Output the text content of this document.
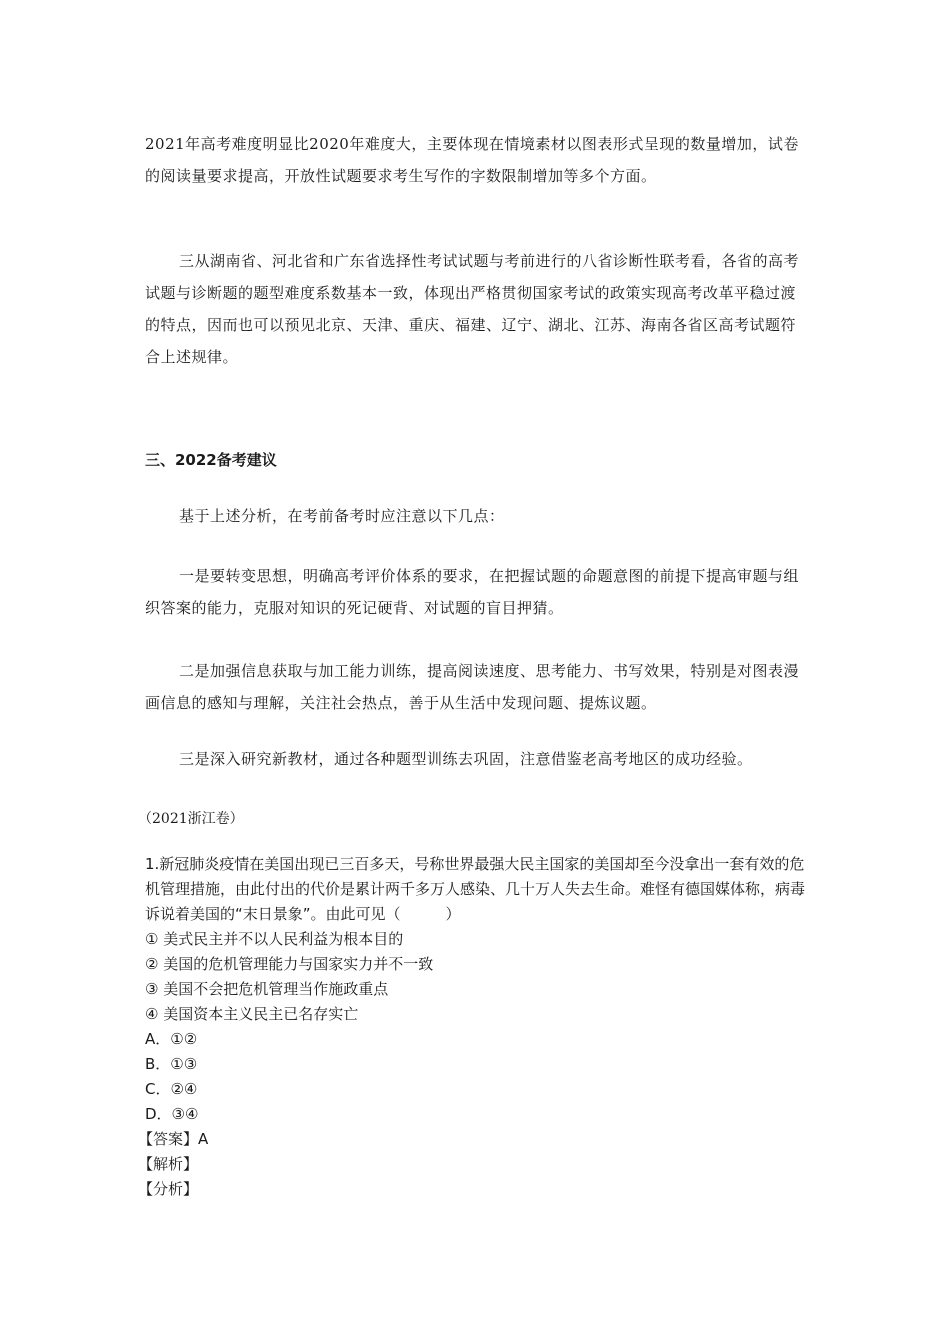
2021年高考难度明显比2020年难度大，主要体现在情境素材以图表形式呈现的数量增加，试卷的阅读量要求提高，开放性试题要求考生写作的字数限制增加等多个方面。

三从湖南省、河北省和广东省选择性考试试题与考前进行的八省诊断性联考看，各省的高考试题与诊断题的题型难度系数基本一致，体现出严格贯彻国家考试的政策实现高考改革平稳过渡的特点，因而也可以预见北京、天津、重庆、福建、辽宁、湖北、江苏、海南各省区高考试题符合上述规律。

三、2022备考建议

基于上述分析，在考前备考时应注意以下几点：

一是要转变思想，明确高考评价体系的要求，在把握试题的命题意图的前提下提高审题与组织答案的能力，克服对知识的死记硬背、对试题的盲目押猜。

二是加强信息获取与加工能力训练，提高阅读速度、思考能力、书写效果，特别是对图表漫画信息的感知与理解，关注社会热点，善于从生活中发现问题、提炼议题。

三是深入研究新教材，通过各种题型训练去巩固，注意借鉴老高考地区的成功经验。

（2021浙江卷）

1.新冠肺炎疫情在美国出现已三百多天，号称世界最强大民主国家的美国却至今没拿出一套有效的危机管理措施，由此付出的代价是累计两千多万人感染、几十万人失去生命。难怪有德国媒体称，病毒诉说着美国的“末日景象”。由此可见（　　　）
① 美式民主并不以人民利益为根本目的
② 美国的危机管理能力与国家实力并不一致
③ 美国不会把危机管理当作施政重点
④ 美国资本主义民主已名存实亡
A．①②
B．①③
C．②④
D．③④
【答案】A
【解析】
【分析】
